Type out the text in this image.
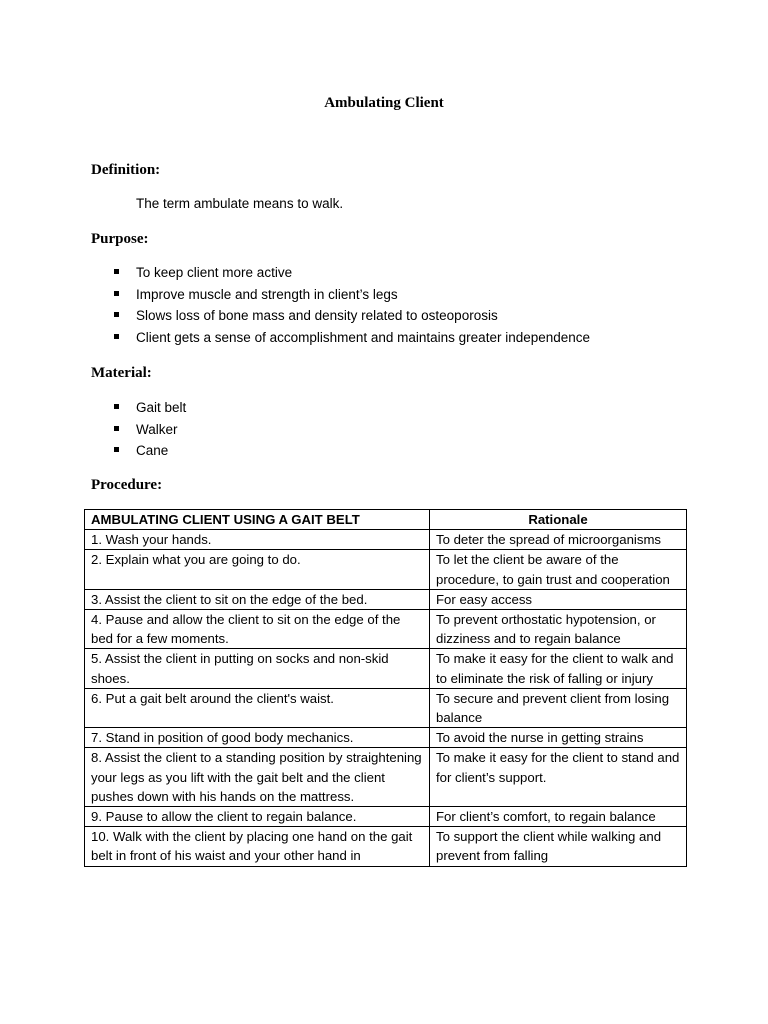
Ambulating Client
Definition:
The term ambulate means to walk.
Purpose:
To keep client more active
Improve muscle and strength in client’s legs
Slows loss of bone mass and density related to osteoporosis
Client gets a sense of accomplishment and maintains greater independence
Material:
Gait belt
Walker
Cane
Procedure:
AMBULATING CLIENT USING A GAIT BELT	Rationale
1. Wash your hands.	To deter the spread of microorganisms
2. Explain what you are going to do.	To let the client be aware of the procedure, to gain trust and cooperation
3. Assist the client to sit on the edge of the bed.	For easy access
4. Pause and allow the client to sit on the edge of the bed for a few moments.	To prevent orthostatic hypotension, or dizziness and to regain balance
5. Assist the client in putting on socks and non-skid shoes.	To make it easy for the client to walk and to eliminate the risk of falling or injury
6. Put a gait belt around the client's waist.	To secure and prevent client from losing balance
7. Stand in position of good body mechanics.	To avoid the nurse in getting strains
8. Assist the client to a standing position by straightening your legs as you lift with the gait belt and the client pushes down with his hands on the mattress.	To make it easy for the client to stand and for client’s support.
9. Pause to allow the client to regain balance.	For client’s comfort, to regain balance
10. Walk with the client by placing one hand on the gait belt in front of his waist and your other hand in	To support the client while walking and prevent from falling
